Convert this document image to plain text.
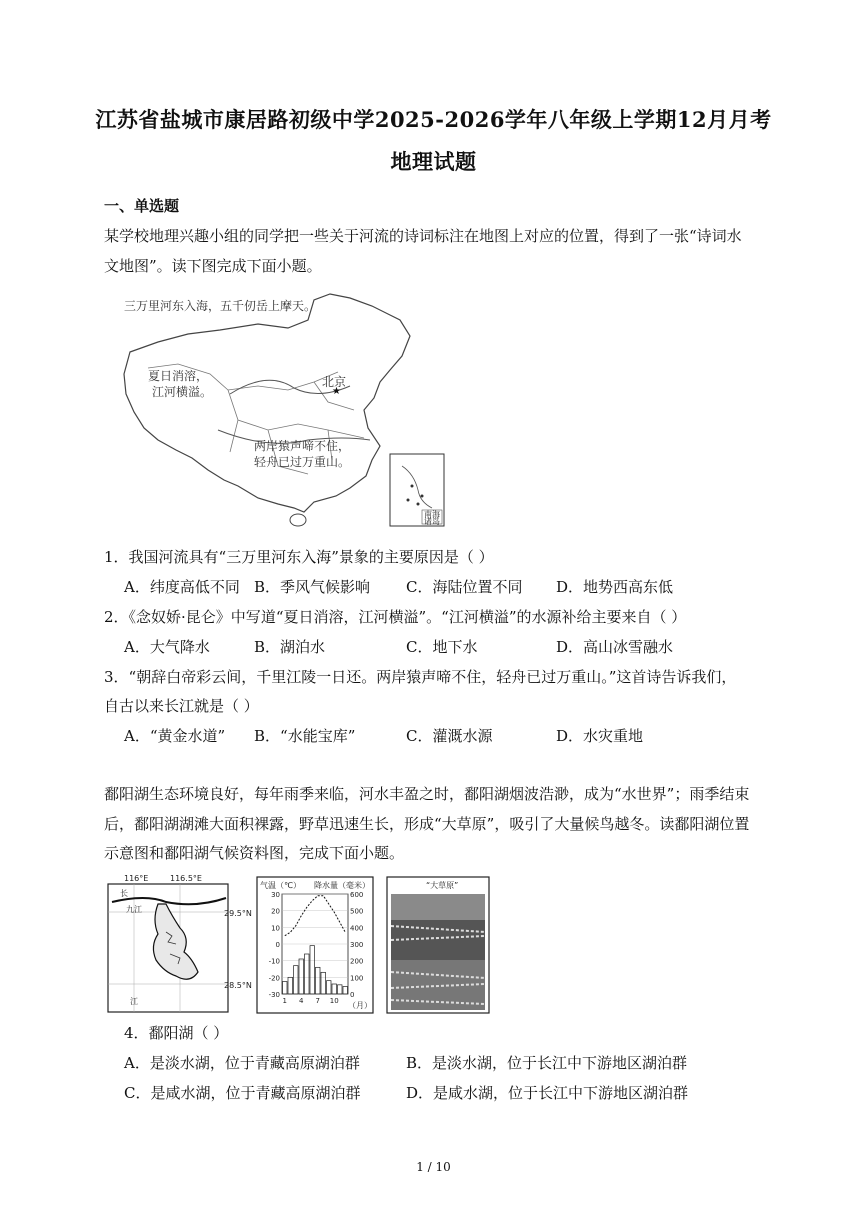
江苏省盐城市康居路初级中学2025-2026学年八年级上学期12月月考
地理试题
一、单选题
某学校地理兴趣小组的同学把一些关于河流的诗词标注在地图上对应的位置，得到了一张“诗词水
文地图”。读下图完成下面小题。
三万里河东入海，五千仞岳上摩天。
夏日消溶，
江河横溢。
北京
★
两岸猿声啼不住，
轻舟已过万重山。
南海
诸岛
1．我国河流具有“三万里河东入海”景象的主要原因是（ ）
A．纬度高低不同 B．季风气候影响 C．海陆位置不同 D．地势西高东低
2．《念奴娇·昆仑》中写道“夏日消溶，江河横溢”。“江河横溢”的水源补给主要来自（ ）
A．大气降水	B．湖泊水	C．地下水	D．高山冰雪融水
3．“朝辞白帝彩云间，千里江陵一日还。两岸猿声啼不住，轻舟已过万重山。”这首诗告诉我们，
自古以来长江就是（ ）
A．“黄金水道” B．“水能宝库”	C．灌溉水源	D．水灾重地
鄱阳湖生态环境良好，每年雨季来临，河水丰盈之时，鄱阳湖烟波浩渺，成为“水世界”；雨季结束
后，鄱阳湖湖滩大面积裸露，野草迅速生长，形成“大草原”，吸引了大量候鸟越冬。读鄱阳湖位置
示意图和鄱阳湖气候资料图，完成下面小题。
116°E	116.5°E
29.5°N
28.5°N
长
九江
江
气温（℃） 降水量（毫米）
（月）
30
20
10
0
-10
-20
-30
600
500
400
300
200
100
0
1 4 7 10
“大草原”
4．鄱阳湖（ ）
A．是淡水湖，位于青藏高原湖泊群	B．是淡水湖，位于长江中下游地区湖泊群
C．是咸水湖，位于青藏高原湖泊群	D．是咸水湖，位于长江中下游地区湖泊群
1 / 10
